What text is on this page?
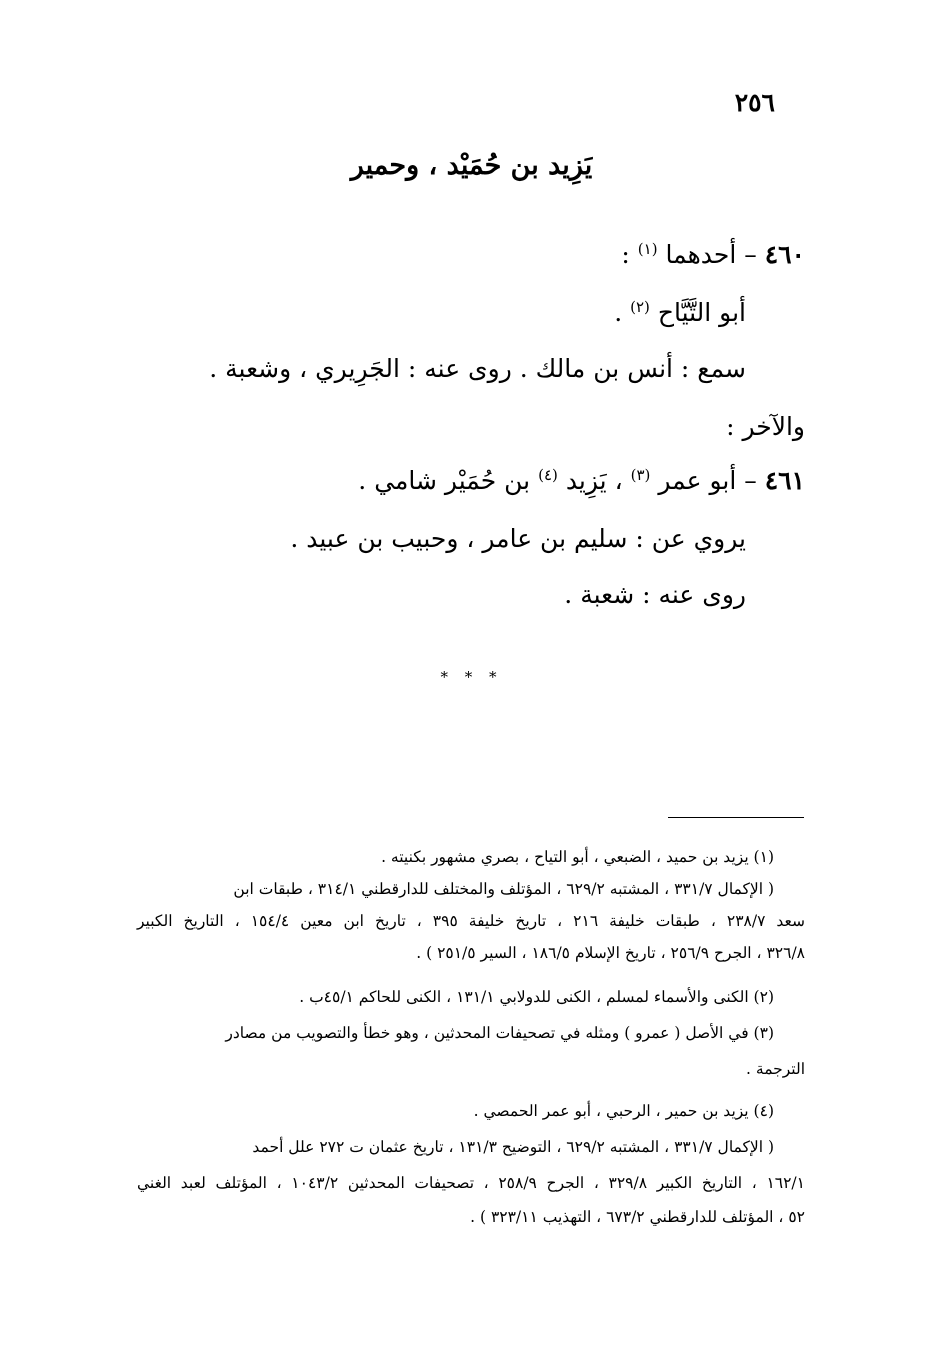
٢٥٦
يَزِيد بن حُمَيْد ، وحمير
٤٦٠ – أحدهما $^{(١)}$ :
أبو التَّيَّاح $^{(٢)}$ .
سمع : أنس بن مالك . روى عنه : الجَرِيري ، وشعبة .
والآخر :
٤٦١ – أبو عمر $^{(٣)}$ ، يَزِيد $^{(٤)}$ بن حُمَيْر شامي .
يروي عن : سليم بن عامر ، وحبيب بن عبيد .
روى عنه : شعبة .
* * *
(١) يزيد بن حميد ، الضبعي ، أبو التياح ، بصري مشهور بكنيته .
( الإكمال ٣٣١/٧ ، المشتبه ٦٢٩/٢ ، المؤتلف والمختلف للدارقطني ٣١٤/١ ، طبقات ابن
سعد ٢٣٨/٧ ، طبقات خليفة ٢١٦ ، تاريخ خليفة ٣٩٥ ، تاريخ ابن معين ١٥٤/٤ ، التاريخ الكبير
٣٢٦/٨ ، الجرح ٢٥٦/٩ ، تاريخ الإسلام ١٨٦/٥ ، السير ٢٥١/٥ ) .
(٢) الكنى والأسماء لمسلم ، الكنى للدولابي ١٣١/١ ، الكنى للحاكم ٤٥/١ب .
(٣) في الأصل ( عمرو ) ومثله في تصحيفات المحدثين ، وهو خطأ والتصويب من مصادر
الترجمة .
(٤) يزيد بن حمير ، الرحبي ، أبو عمر الحمصي .
( الإكمال ٣٣١/٧ ، المشتبه ٦٢٩/٢ ، التوضيح ١٣١/٣ ، تاريخ عثمان ت ٢٧٢ علل أحمد
١٦٢/١ ، التاريخ الكبير ٣٢٩/٨ ، الجرح ٢٥٨/٩ ، تصحيفات المحدثين ١٠٤٣/٢ ، المؤتلف لعبد الغني
٥٢ ، المؤتلف للدارقطني ٦٧٣/٢ ، التهذيب ٣٢٣/١١ ) .
